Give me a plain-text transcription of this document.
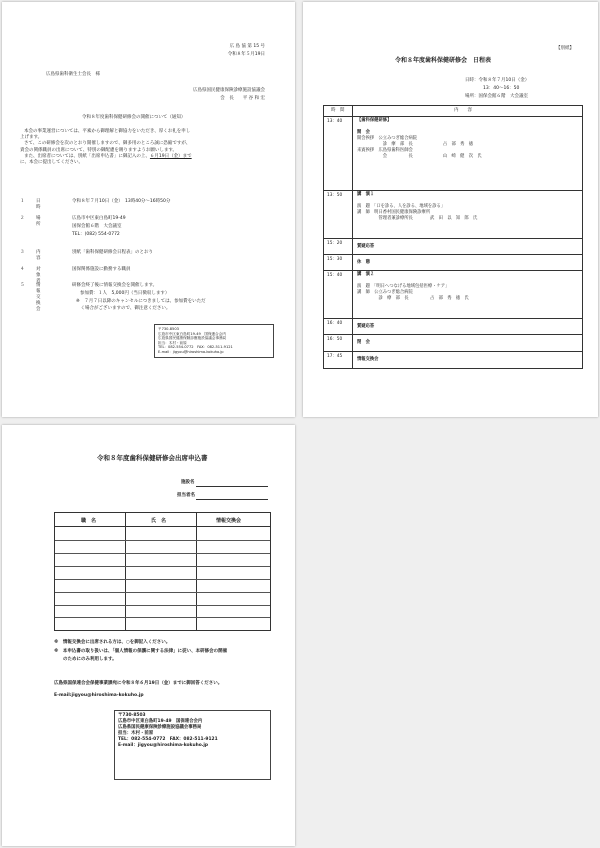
広 島 協 第 15 号
令和８年５月19日
広島県歯科衛生士会長　様
広島県国民健康保険診療施設協議会
会　長　　平 谷 和 宏
令和８年度歯科保健研修会の開催について（通知）
本会の事業運営については、平素から御理解と御協力をいただき、厚くお礼を申し
上げます。
さて、この研修会を次のとおり開催しますので、御多用のところ誠に恐縮ですが、
貴会の関係職員の出席について、特別の御配慮を賜りますようお願いします。
また、出席者については、別紙「出席申込書」に御記入の上、６月19日（金）まで
に、本会に提出してください。
１	日　時
令和８年７月10日（金）　13時40分～16時50分
２	場　所
広島市中区東白島町19-49
国保会館６階　大会議室
TEL：(082) 554-0772
３	内　容
別紙「歯科保健研修会日程表」のとおり
４	対象者
国保関係施設に勤務する職員
５	情報交換会
研修会終了後に情報交換会を開催します。
参加費：１人　5,000円（当日徴収します）
※　７月７日以降のキャンセルにつきましては、参加費をいただ
　く場合がございますので、御注意ください。
〒730-8503
広島市中区東白島町19-49　国保連合会内
広島県国民健康保険診療施設協議会事務局
担当：木村・前原
TEL：082-554-0772　FAX：082-511-9121
E-mail：jigyou@hiroshima-kokuho.jp
【別紙】
令和８年度歯科保健研修会　日程表
日時：令和８年７月10日（金）
13：40～16：50
場所：国保会館６階　大会議室
時　間	内　　容
13：40	【歯科保健研修】

開　会
開会挨拶　公立みつぎ総合病院
　　　　　　診　療　部　長　　　　　　　占　部　秀　徳
来賓挨拶　広島県歯科医師会
　　　　　　会　　　　　長　　　　　　　山　崎　健　次　氏
13：50	講　演１

演　題　「口を診る、人を診る、地域を診る」
講　師　明日香村国民健康保険診療所
　　　　　管理者兼診療所長　　　　武　田　以　知　郎　氏
15：20
質疑応答
15：30
休　憩
15：40	講　演２

演　題　「明日へつなげる地域包括医療・ケア」
講　師　公立みつぎ総合病院
　　　　　診　療　部　長　　　　　占　部　秀　徳　氏
16：40
質疑応答
16：50
閉　会
17：45
情報交換会
令和８年度歯科保健研修会出席申込書
施設名
担当者名
職　名	氏　名	情報交換会
※　情報交換会に出席される方は、○を御記入ください。
※　本申込書の取り扱いは、「個人情報の保護に関する法律」に従い、本研修会の開催
　　のためにのみ利用します。
広島県国保連合会保健事業課宛に令和８年６月19日（金）までに御回答ください。
E-mail:jigyou@hiroshima-kokuho.jp
〒730-8503
広島市中区東白島町19-49　国保連合会内
広島県国民健康保険診療施設協議会事務局
担当：木村・前原
TEL：082-554-0772　FAX：082-511-9121
E-mail：jigyou@hiroshima-kokuho.jp
